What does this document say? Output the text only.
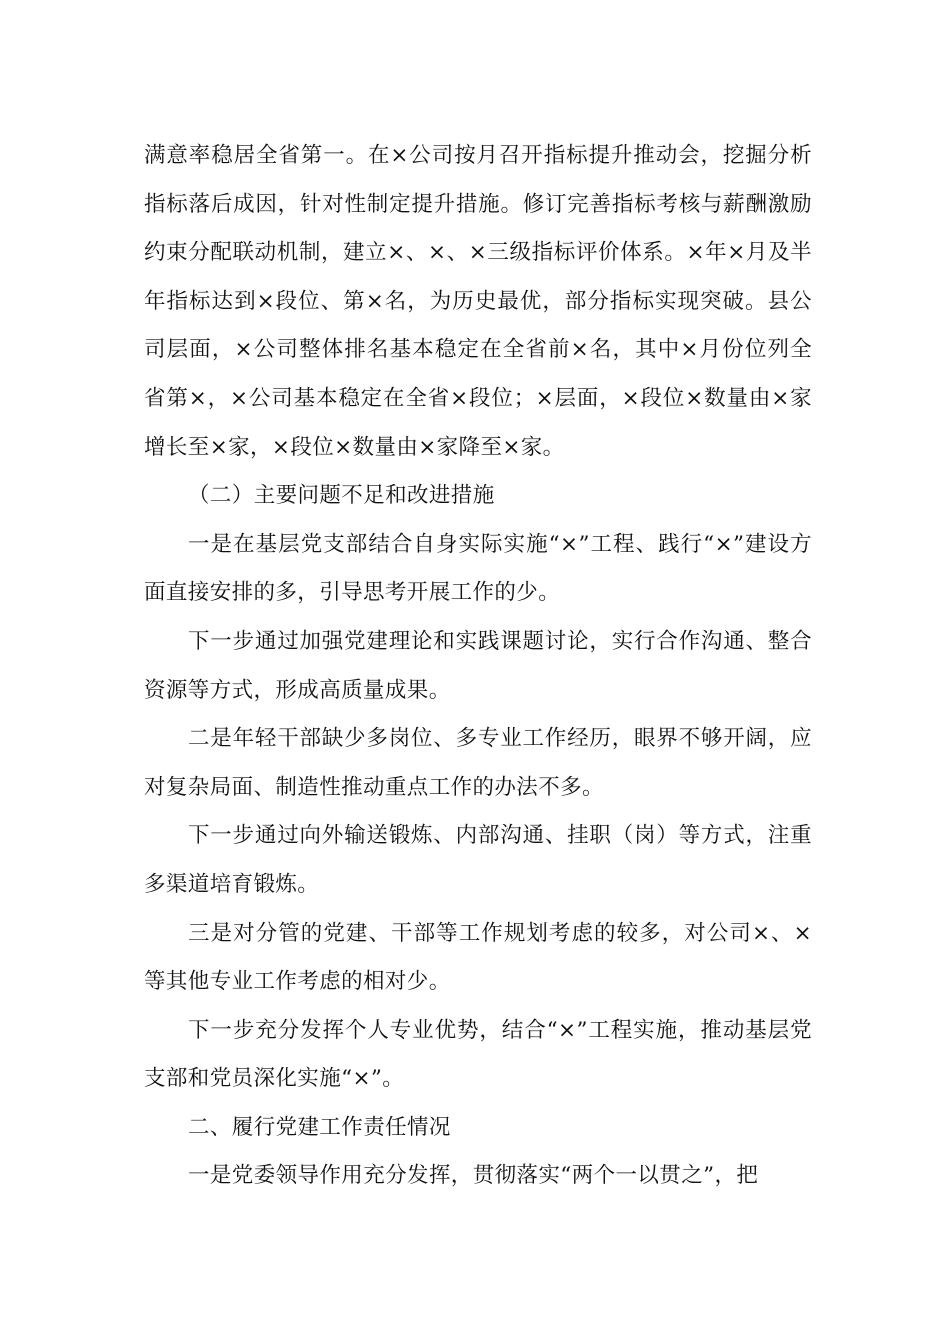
满意率稳居全省第一。在×公司按月召开指标提升推动会，挖掘分析指标落后成因，针对性制定提升措施。修订完善指标考核与薪酬激励约束分配联动机制，建立×、×、×三级指标评价体系。×年×月及半年指标达到×段位、第×名，为历史最优，部分指标实现突破。县公司层面，×公司整体排名基本稳定在全省前×名，其中×月份位列全省第×，×公司基本稳定在全省×段位；×层面，×段位×数量由×家增长至×家，×段位×数量由×家降至×家。

（二）主要问题不足和改进措施

一是在基层党支部结合自身实际实施“×”工程、践行“×”建设方面直接安排的多，引导思考开展工作的少。

下一步通过加强党建理论和实践课题讨论，实行合作沟通、整合资源等方式，形成高质量成果。

二是年轻干部缺少多岗位、多专业工作经历，眼界不够开阔，应对复杂局面、制造性推动重点工作的办法不多。

下一步通过向外输送锻炼、内部沟通、挂职（岗）等方式，注重多渠道培育锻炼。

三是对分管的党建、干部等工作规划考虑的较多，对公司×、×等其他专业工作考虑的相对少。

下一步充分发挥个人专业优势，结合“×”工程实施，推动基层党支部和党员深化实施“×”。

二、履行党建工作责任情况

一是党委领导作用充分发挥，贯彻落实“两个一以贯之”，把
